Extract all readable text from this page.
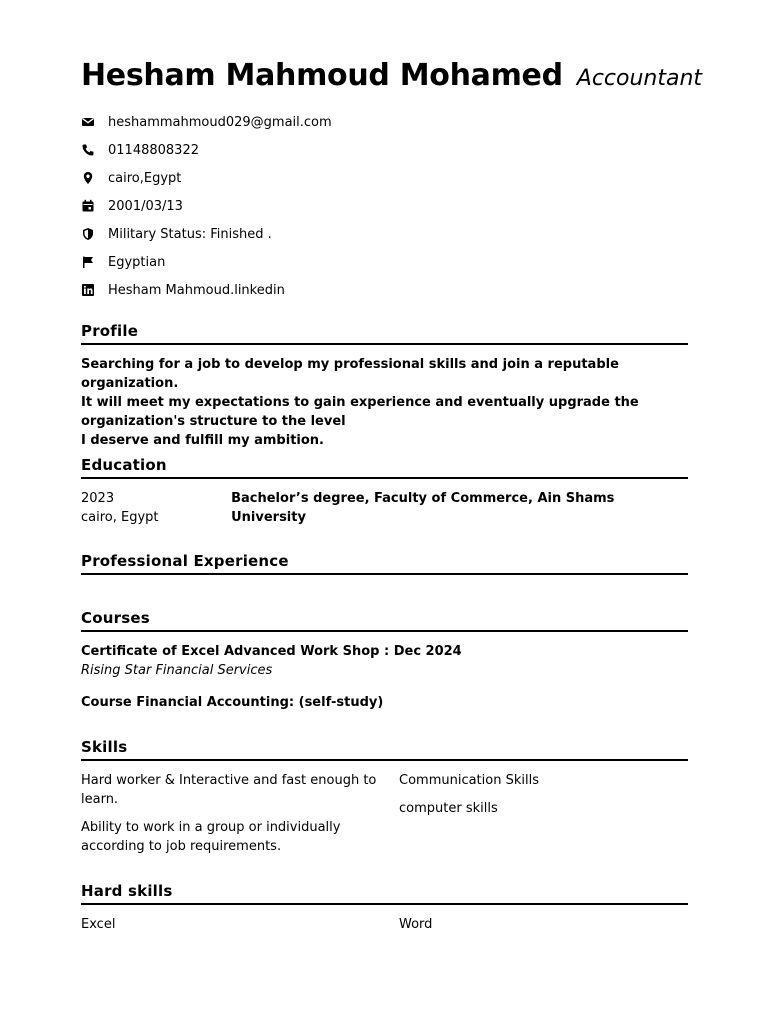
Hesham Mahmoud Mohamed Accountant
heshammahmoud029@gmail.com
01148808322
cairo,Egypt
2001/03/13
Military Status: Finished .
Egyptian
Hesham Mahmoud.linkedin
Profile
Searching for a job to develop my professional skills and join a reputable organization.
It will meet my expectations to gain experience and eventually upgrade the organization's structure to the level
I deserve and fulfill my ambition.
Education
2023
cairo, Egypt
Bachelor’s degree, Faculty of Commerce, Ain Shams University
Professional Experience
Courses
Certificate of Excel Advanced Work Shop : Dec 2024
Rising Star Financial Services
Course Financial Accounting: (self-study)
Skills
Hard worker & Interactive and fast enough to learn.
Ability to work in a group or individually according to job requirements.
Communication Skills
computer skills
Hard skills
Excel	Word
